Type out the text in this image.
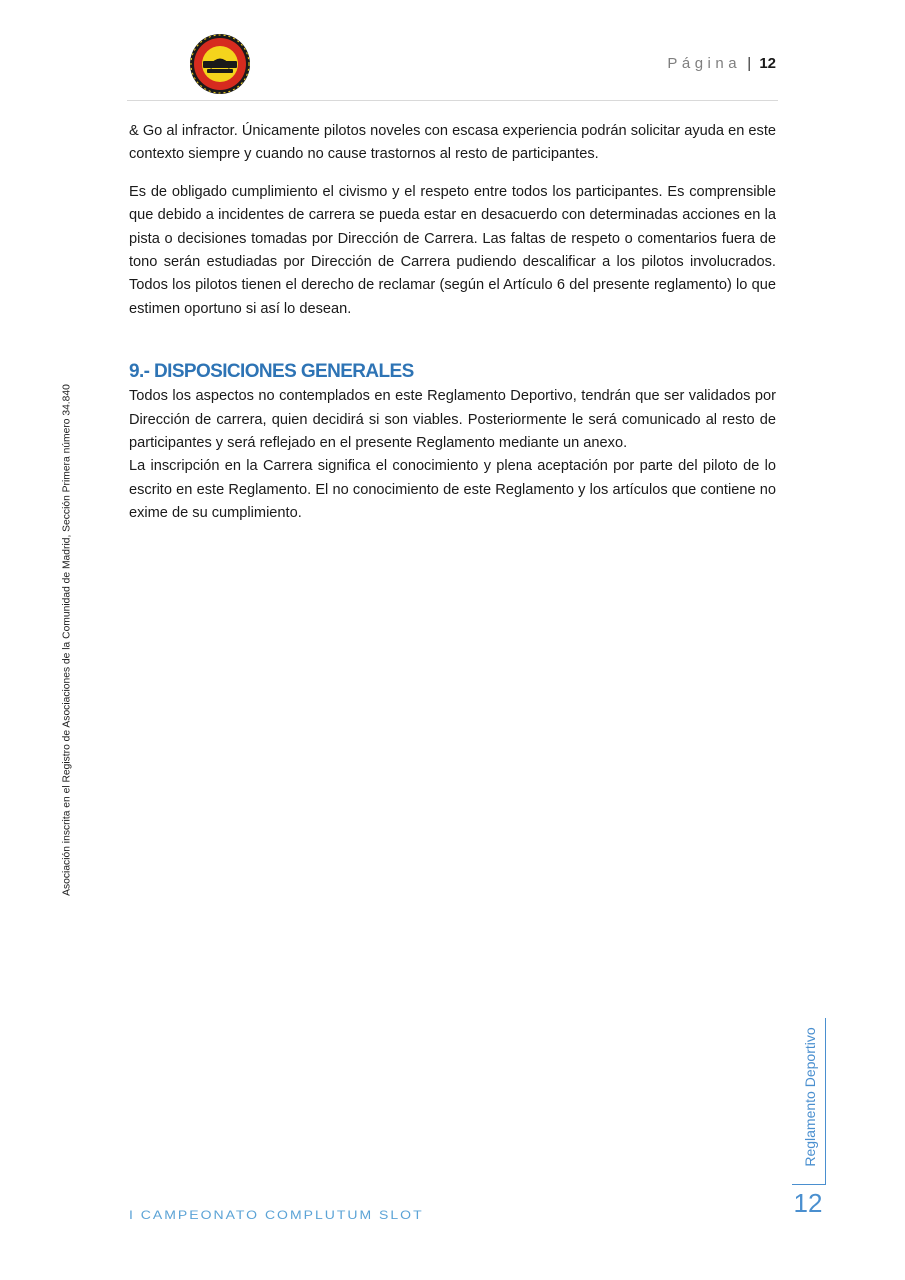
Página | 12

& Go al infractor. Únicamente pilotos noveles con escasa experiencia podrán solicitar ayuda en este contexto siempre y cuando no cause trastornos al resto de participantes.

Es de obligado cumplimiento el civismo y el respeto entre todos los participantes. Es comprensible que debido a incidentes de carrera se pueda estar en desacuerdo con determinadas acciones en la pista o decisiones tomadas por Dirección de Carrera. Las faltas de respeto o comentarios fuera de tono serán estudiadas por Dirección de Carrera pudiendo descalificar a los pilotos involucrados. Todos los pilotos tienen el derecho de reclamar (según el Artículo 6 del presente reglamento) lo que estimen oportuno si así lo desean.

9.- DISPOSICIONES GENERALES

Todos los aspectos no contemplados en este Reglamento Deportivo, tendrán que ser validados por Dirección de carrera, quien decidirá si son viables. Posteriormente le será comunicado al resto de participantes y será reflejado en el presente Reglamento mediante un anexo.

La inscripción en la Carrera significa el conocimiento y plena aceptación por parte del piloto de lo escrito en este Reglamento. El no conocimiento de este Reglamento y los artículos que contiene no exime de su cumplimiento.

Asociación inscrita en el Registro de Asociaciones de la Comunidad de Madrid, Sección Primera número 34.840
Reglamento Deportivo
12
I CAMPEONATO COMPLUTUM SLOT
